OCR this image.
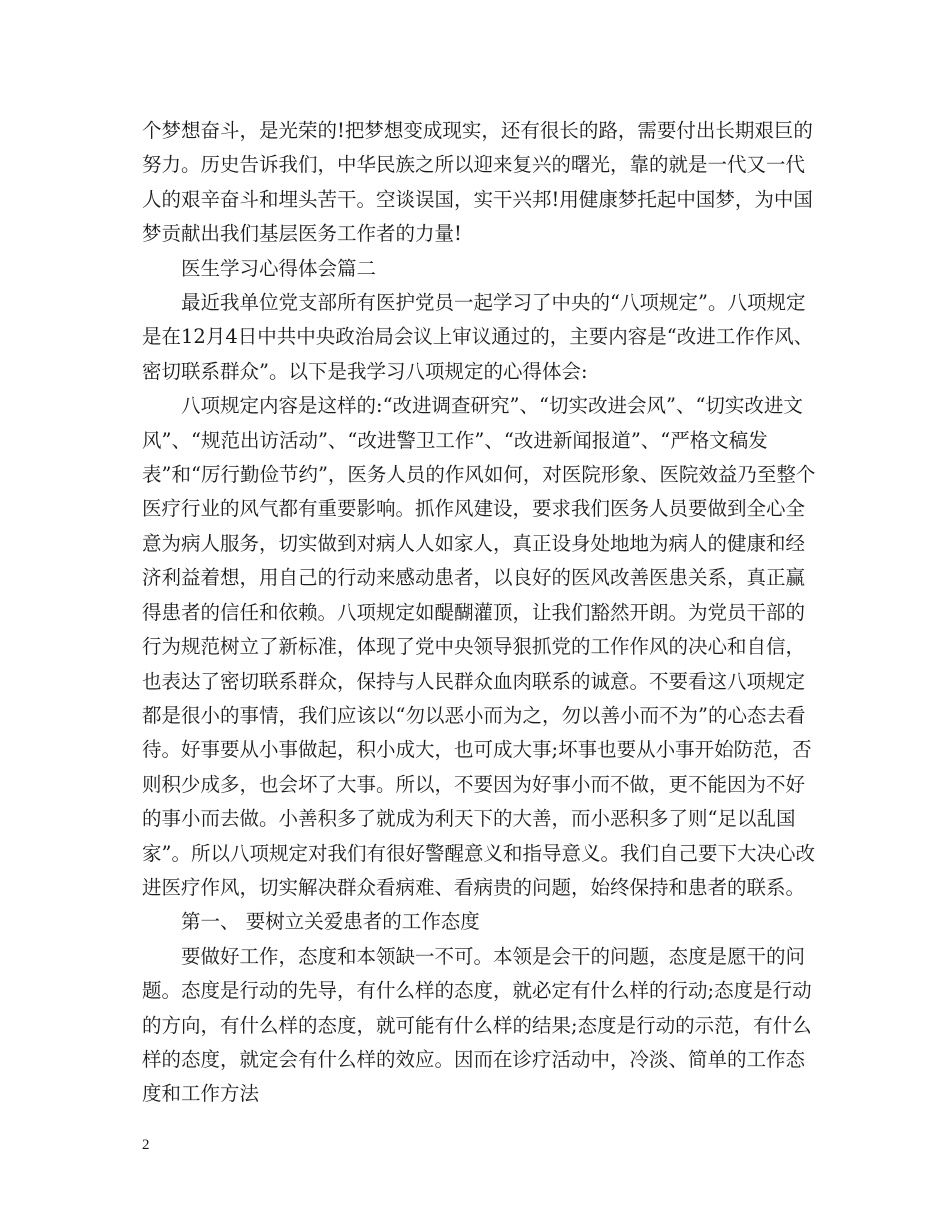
个梦想奋斗，是光荣的!把梦想变成现实，还有很长的路，需要付出长期艰巨的努力。历史告诉我们，中华民族之所以迎来复兴的曙光，靠的就是一代又一代人的艰辛奋斗和埋头苦干。空谈误国，实干兴邦!用健康梦托起中国梦，为中国梦贡献出我们基层医务工作者的力量!

医生学习心得体会篇二

最近我单位党支部所有医护党员一起学习了中央的“八项规定”。八项规定是在12月4日中共中央政治局会议上审议通过的，主要内容是“改进工作作风、密切联系群众”。以下是我学习八项规定的心得体会:

八项规定内容是这样的:“改进调查研究”、“切实改进会风”、“切实改进文风”、“规范出访活动”、“改进警卫工作”、“改进新闻报道”、“严格文稿发表”和“厉行勤俭节约”，医务人员的作风如何，对医院形象、医院效益乃至整个医疗行业的风气都有重要影响。抓作风建设，要求我们医务人员要做到全心全意为病人服务，切实做到对病人人如家人，真正设身处地地为病人的健康和经济利益着想，用自己的行动来感动患者，以良好的医风改善医患关系，真正赢得患者的信任和依赖。八项规定如醍醐灌顶，让我们豁然开朗。为党员干部的行为规范树立了新标准，体现了党中央领导狠抓党的工作作风的决心和自信，也表达了密切联系群众，保持与人民群众血肉联系的诚意。不要看这八项规定都是很小的事情，我们应该以“勿以恶小而为之，勿以善小而不为”的心态去看待。好事要从小事做起，积小成大，也可成大事;坏事也要从小事开始防范，否则积少成多，也会坏了大事。所以，不要因为好事小而不做，更不能因为不好的事小而去做。小善积多了就成为利天下的大善，而小恶积多了则“足以乱国家”。所以八项规定对我们有很好警醒意义和指导意义。我们自己要下大决心改进医疗作风，切实解决群众看病难、看病贵的问题，始终保持和患者的联系。

第一、 要树立关爱患者的工作态度

要做好工作，态度和本领缺一不可。本领是会干的问题，态度是愿干的问题。态度是行动的先导，有什么样的态度，就必定有什么样的行动;态度是行动的方向，有什么样的态度，就可能有什么样的结果;态度是行动的示范，有什么样的态度，就定会有什么样的效应。因而在诊疗活动中，冷淡、简单的工作态度和工作方法

2
